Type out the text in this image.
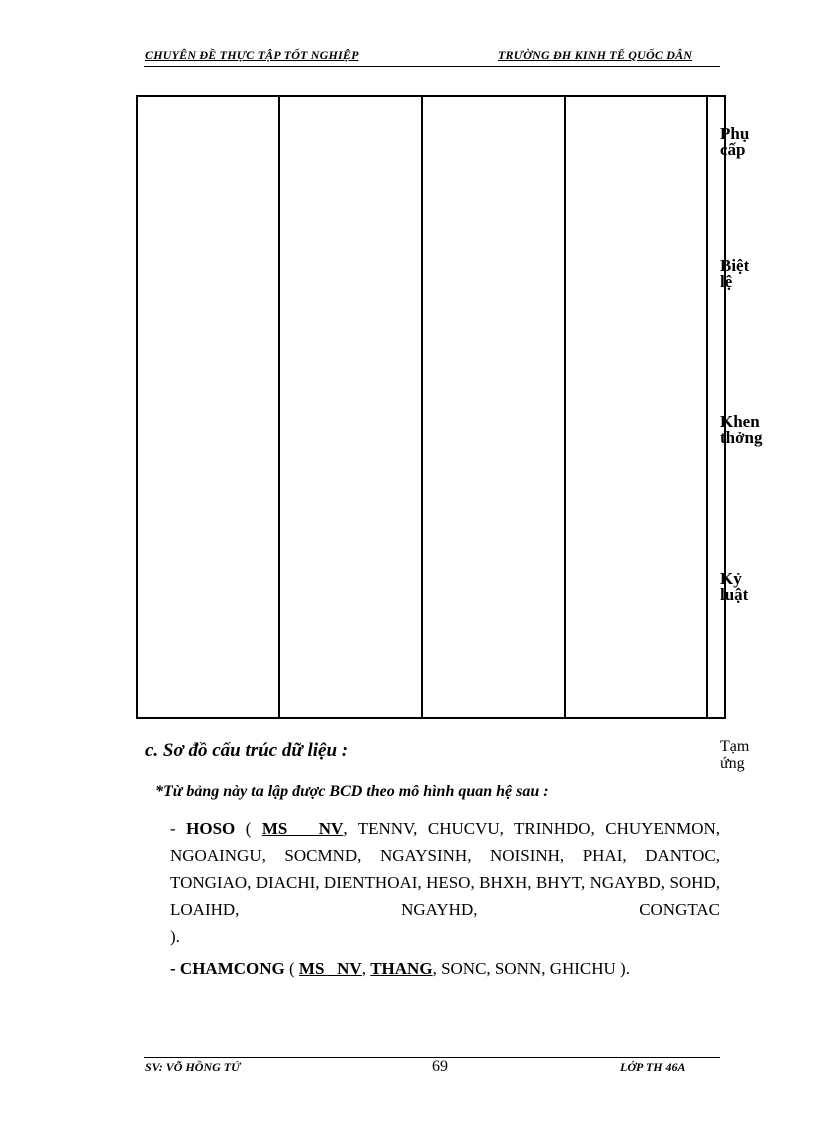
CHUYÊN ĐỀ THỰC TẬP TỐT NGHIỆP	TRƯỜNG ĐH KINH TẾ QUỐC DÂN
Phụ
cấp
Biệt
lệ
Khen
thởng
Kỷ
luật
Tạm
ứng
c. Sơ đồ cấu trúc dữ liệu :
*Từ bảng này ta lập được BCD theo mô hình quan hệ sau :
- HOSO ( MS   NV, TENNV, CHUCVU, TRINHDO, CHUYENMON, NGOAINGU, SOCMND, NGAYSINH, NOISINH, PHAI, DANTOC, TONGIAO, DIACHI, DIENTHOAI, HESO, BHXH, BHYT, NGAYBD, SOHD, LOAIHD, NGAYHD, CONGTAC
).
- CHAMCONG ( MS   NV, THANG, SONC, SONN, GHICHU ).
SV: VÕ HỒNG TỨ	69	LỚP TH 46A
